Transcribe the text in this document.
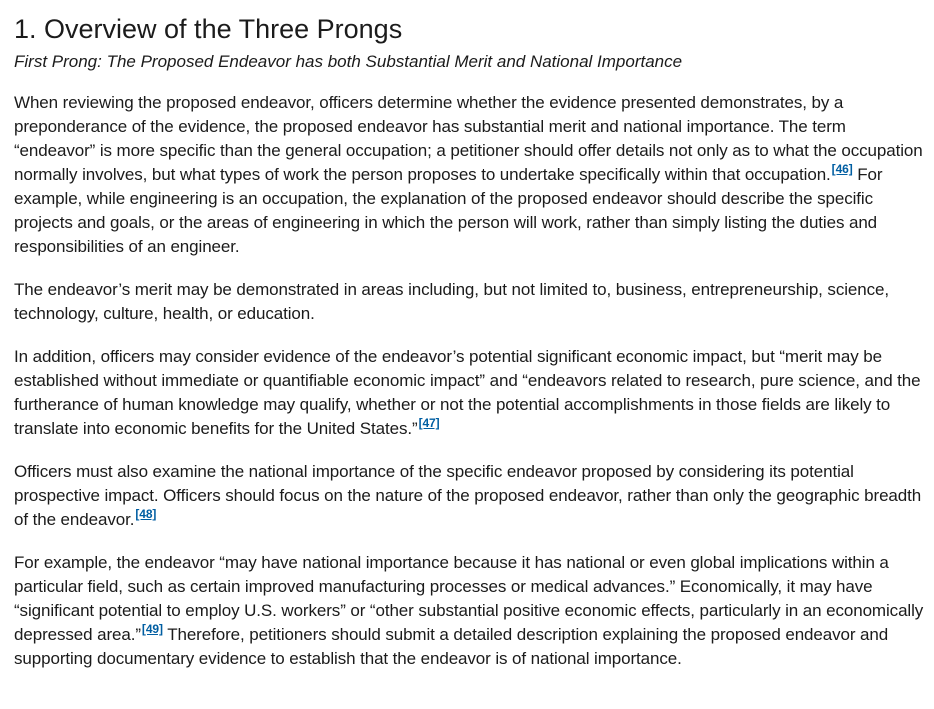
1. Overview of the Three Prongs
First Prong: The Proposed Endeavor has both Substantial Merit and National Importance

When reviewing the proposed endeavor, officers determine whether the evidence presented demonstrates, by a preponderance of the evidence, the proposed endeavor has substantial merit and national importance. The term “endeavor” is more specific than the general occupation; a petitioner should offer details not only as to what the occupation normally involves, but what types of work the person proposes to undertake specifically within that occupation.[46] For example, while engineering is an occupation, the explanation of the proposed endeavor should describe the specific projects and goals, or the areas of engineering in which the person will work, rather than simply listing the duties and responsibilities of an engineer.

The endeavor’s merit may be demonstrated in areas including, but not limited to, business, entrepreneurship, science, technology, culture, health, or education.

In addition, officers may consider evidence of the endeavor’s potential significant economic impact, but “merit may be established without immediate or quantifiable economic impact” and “endeavors related to research, pure science, and the furtherance of human knowledge may qualify, whether or not the potential accomplishments in those fields are likely to translate into economic benefits for the United States.”[47]

Officers must also examine the national importance of the specific endeavor proposed by considering its potential prospective impact. Officers should focus on the nature of the proposed endeavor, rather than only the geographic breadth of the endeavor.[48]

For example, the endeavor “may have national importance because it has national or even global implications within a particular field, such as certain improved manufacturing processes or medical advances.” Economically, it may have “significant potential to employ U.S. workers” or “other substantial positive economic effects, particularly in an economically depressed area.”[49] Therefore, petitioners should submit a detailed description explaining the proposed endeavor and supporting documentary evidence to establish that the endeavor is of national importance.
